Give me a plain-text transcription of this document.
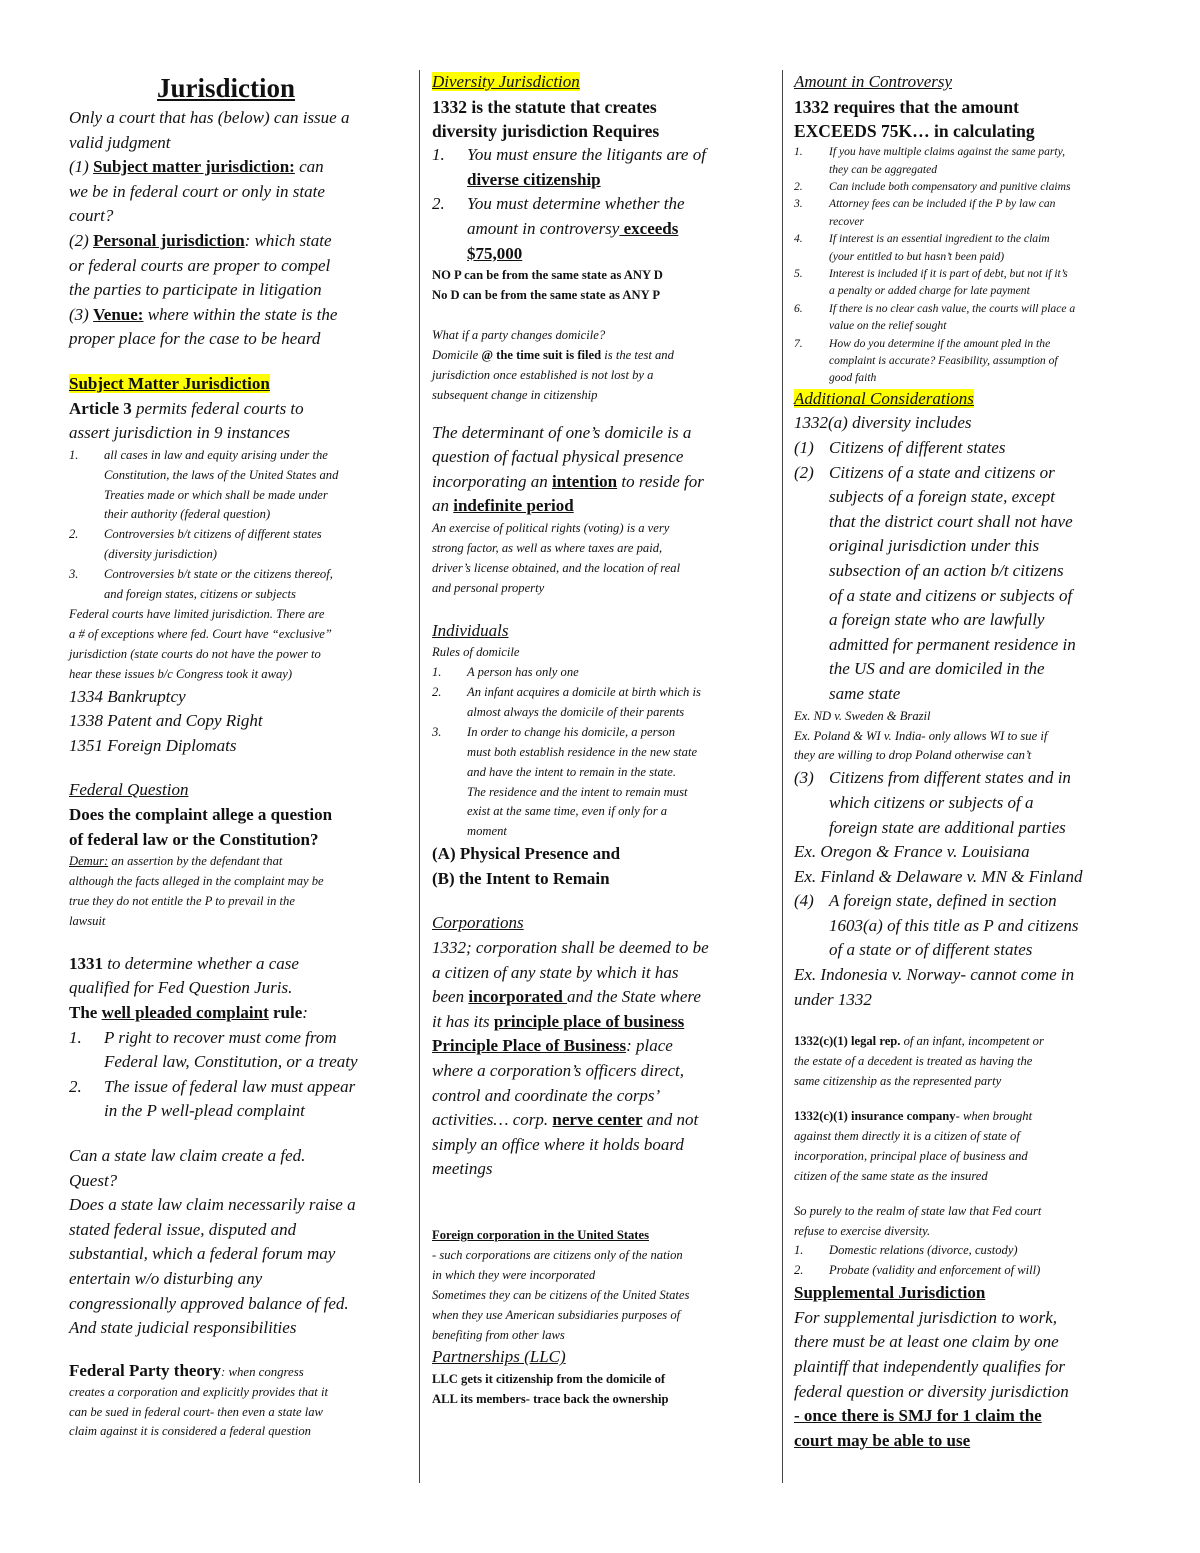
Jurisdiction
Only a court that has (below) can issue a
valid judgment
(1) Subject matter jurisdiction: can
we be in federal court or only in state
court?
(2) Personal jurisdiction: which state
or federal courts are proper to compel
the parties to participate in litigation
(3) Venue: where within the state is the
proper place for the case to be heard
Subject Matter Jurisdiction
Article 3 permits federal courts to
assert jurisdiction in 9 instances
1.	all cases in law and equity arising under the
Constitution, the laws of the United States and
Treaties made or which shall be made under
their authority (federal question)
2.	Controversies b/t citizens of different states
(diversity jurisdiction)
3.	Controversies b/t state or the citizens thereof,
and foreign states, citizens or subjects
Federal courts have limited jurisdiction. There are
a # of exceptions where fed. Court have “exclusive”
jurisdiction (state courts do not have the power to
hear these issues b/c Congress took it away)
1334 Bankruptcy
1338 Patent and Copy Right
1351 Foreign Diplomats
Federal Question
Does the complaint allege a question
of federal law or the Constitution?
Demur: an assertion by the defendant that
although the facts alleged in the complaint may be
true they do not entitle the P to prevail in the
lawsuit
1331 to determine whether a case
qualified for Fed Question Juris.
The well pleaded complaint rule:
1.	P right to recover must come from
Federal law, Constitution, or a treaty
2.	The issue of federal law must appear
in the P well-plead complaint
Can a state law claim create a fed.
Quest?
Does a state law claim necessarily raise a
stated federal issue, disputed and
substantial, which a federal forum may
entertain w/o disturbing any
congressionally approved balance of fed.
And state judicial responsibilities
Federal Party theory: when congress
creates a corporation and explicitly provides that it
can be sued in federal court- then even a state law
claim against it is considered a federal question
Diversity Jurisdiction
1332 is the statute that creates
diversity jurisdiction Requires
1.	You must ensure the litigants are of
diverse citizenship
2.	You must determine whether the
amount in controversy exceeds
$75,000
NO P can be from the same state as ANY D
No D can be from the same state as ANY P
What if a party changes domicile?
Domicile @ the time suit is filed is the test and
jurisdiction once established is not lost by a
subsequent change in citizenship
The determinant of one’s domicile is a
question of factual physical presence
incorporating an intention to reside for
an indefinite period
An exercise of political rights (voting) is a very
strong factor, as well as where taxes are paid,
driver’s license obtained, and the location of real
and personal property
Individuals
Rules of domicile
1.	A person has only one
2.	An infant acquires a domicile at birth which is
almost always the domicile of their parents
3.	In order to change his domicile, a person
must both establish residence in the new state
and have the intent to remain in the state.
The residence and the intent to remain must
exist at the same time, even if only for a
moment
(A) Physical Presence and
(B) the Intent to Remain
Corporations
1332; corporation shall be deemed to be
a citizen of any state by which it has
been incorporated and the State where
it has its principle place of business
Principle Place of Business: place
where a corporation’s officers direct,
control and coordinate the corps’
activities… corp. nerve center and not
simply an office where it holds board
meetings
Foreign corporation in the United States
- such corporations are citizens only of the nation
in which they were incorporated
Sometimes they can be citizens of the United States
when they use American subsidiaries purposes of
benefiting from other laws
Partnerships (LLC)
LLC gets it citizenship from the domicile of
ALL its members- trace back the ownership
Amount in Controversy
1332 requires that the amount
EXCEEDS 75K… in calculating
1.	If you have multiple claims against the same party,
they can be aggregated
2.	Can include both compensatory and punitive claims
3.	Attorney fees can be included if the P by law can
recover
4.	If interest is an essential ingredient to the claim
(your entitled to but hasn’t been paid)
5.	Interest is included if it is part of debt, but not if it’s
a penalty or added charge for late payment
6.	If there is no clear cash value, the courts will place a
value on the relief sought
7.	How do you determine if the amount pled in the
complaint is accurate? Feasibility, assumption of
good faith
Additional Considerations
1332(a) diversity includes
(1) Citizens of different states
(2) Citizens of a state and citizens or
subjects of a foreign state, except
that the district court shall not have
original jurisdiction under this
subsection of an action b/t citizens
of a state and citizens or subjects of
a foreign state who are lawfully
admitted for permanent residence in
the US and are domiciled in the
same state
Ex. ND v. Sweden & Brazil
Ex. Poland & WI v. India- only allows WI to sue if
they are willing to drop Poland otherwise can’t
(3) Citizens from different states and in
which citizens or subjects of a
foreign state are additional parties
Ex. Oregon & France v. Louisiana
Ex. Finland & Delaware v. MN & Finland
(4) A foreign state, defined in section
1603(a) of this title as P and citizens
of a state or of different states
Ex. Indonesia v. Norway- cannot come in
under 1332
1332(c)(1) legal rep. of an infant, incompetent or
the estate of a decedent is treated as having the
same citizenship as the represented party
1332(c)(1) insurance company- when brought
against them directly it is a citizen of state of
incorporation, principal place of business and
citizen of the same state as the insured
So purely to the realm of state law that Fed court
refuse to exercise diversity.
1.	Domestic relations (divorce, custody)
2.	Probate (validity and enforcement of will)
Supplemental Jurisdiction
For supplemental jurisdiction to work,
there must be at least one claim by one
plaintiff that independently qualifies for
federal question or diversity jurisdiction
- once there is SMJ for 1 claim the
court may be able to use
